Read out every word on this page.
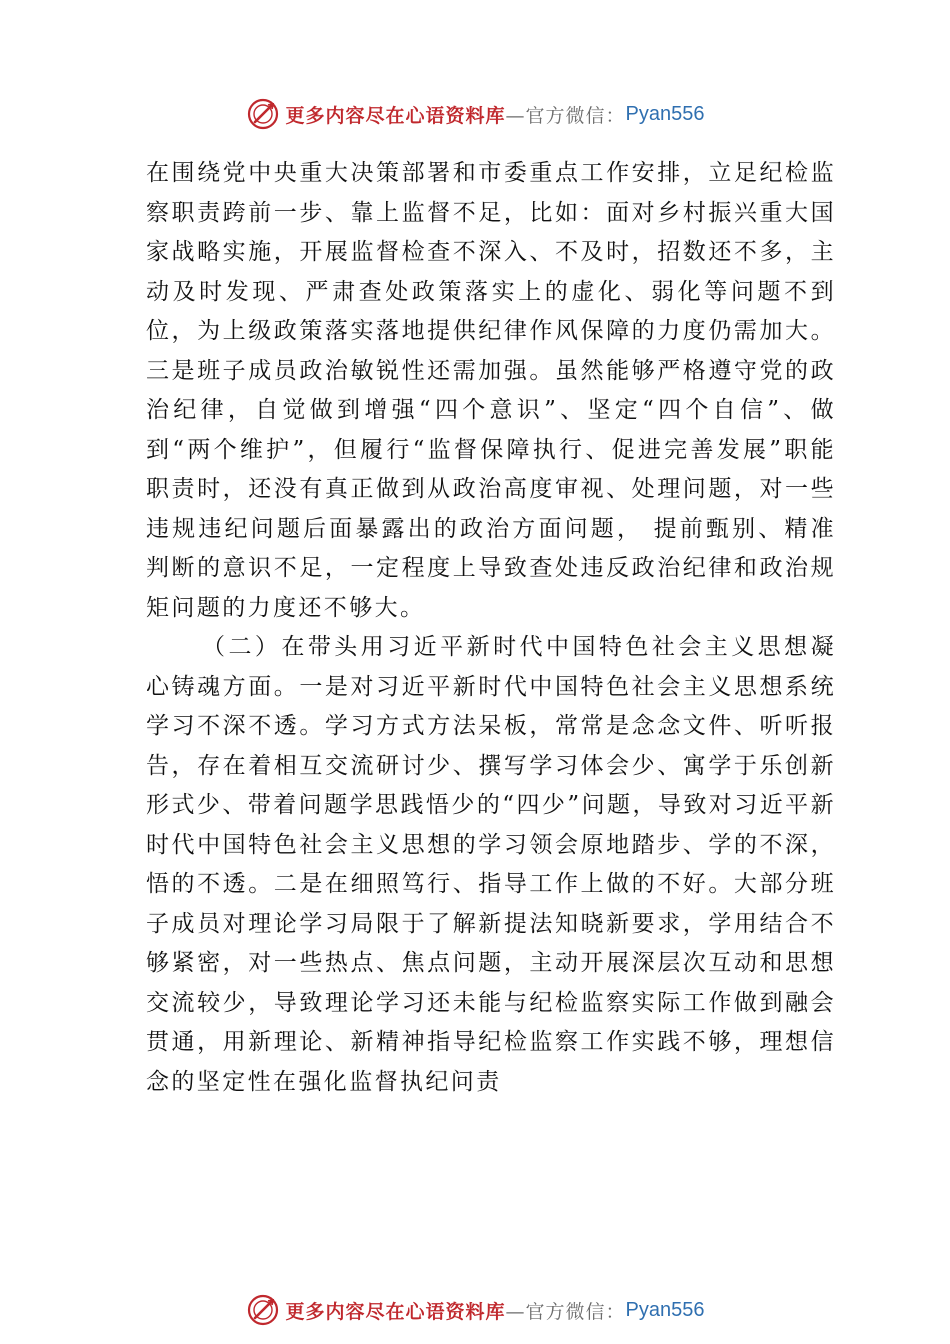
更多内容尽在心语资料库 —官方微信： Pyan556

在围绕党中央重大决策部署和市委重点工作安排，立足纪检监察职责跨前一步、靠上监督不足，比如：面对乡村振兴重大国家战略实施，开展监督检查不深入、不及时，招数还不多，主动及时发现、严肃查处政策落实上的虚化、弱化等问题不到位，为上级政策落实落地提供纪律作风保障的力度仍需加大。三是班子成员政治敏锐性还需加强。虽然能够严格遵守党的政治纪律，自觉做到增强“四个意识”、坚定“四个自信”、做到“两个维护”，但履行“监督保障执行、促进完善发展”职能职责时，还没有真正做到从政治高度审视、处理问题，对一些违规违纪问题后面暴露出的政治方面问题， 提前甄别、精准判断的意识不足，一定程度上导致查处违反政治纪律和政治规矩问题的力度还不够大。

（二）在带头用习近平新时代中国特色社会主义思想凝心铸魂方面。一是对习近平新时代中国特色社会主义思想系统学习不深不透。学习方式方法呆板，常常是念念文件、听听报告，存在着相互交流研讨少、撰写学习体会少、寓学于乐创新形式少、带着问题学思践悟少的“四少”问题，导致对习近平新时代中国特色社会主义思想的学习领会原地踏步、学的不深，悟的不透。二是在细照笃行、指导工作上做的不好。大部分班子成员对理论学习局限于了解新提法知晓新要求，学用结合不够紧密，对一些热点、焦点问题，主动开展深层次互动和思想交流较少，导致理论学习还未能与纪检监察实际工作做到融会贯通，用新理论、新精神指导纪检监察工作实践不够，理想信念的坚定性在强化监督执纪问责

更多内容尽在心语资料库 —官方微信： Pyan556
